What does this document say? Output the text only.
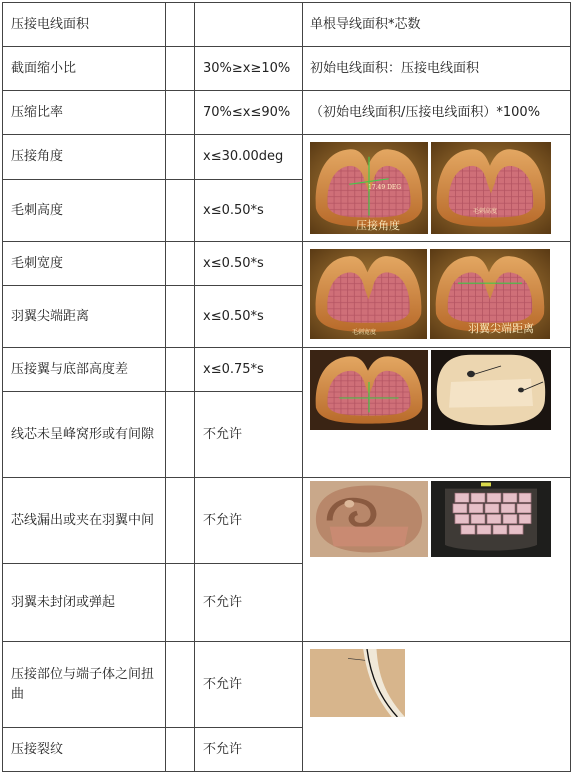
压接电线面积			单根导线面积*芯数
截面缩小比		30%≥x≥10%	初始电线面积：压接电线面积
压缩比率		70%≤x≤90%	（初始电线面积/压接电线面积）*100%
压接角度		x≤30.00deg	17.49 DEG
压接角度
毛刺高度

毛刺高度		x≤0.50*s	
毛刺宽度		x≤0.50*s	毛刺宽度 羽翼尖端距离

羽翼尖端距离		x≤0.50*s	
压接翼与底部高度差		x≤0.75*s	

线芯未呈峰窝形或有间隙		不允许	
芯线漏出或夹在羽翼中间		不允许	

羽翼未封闭或弹起		不允许	
压接部位与端子体之间扭曲		不允许	

压接裂纹		不允许	
